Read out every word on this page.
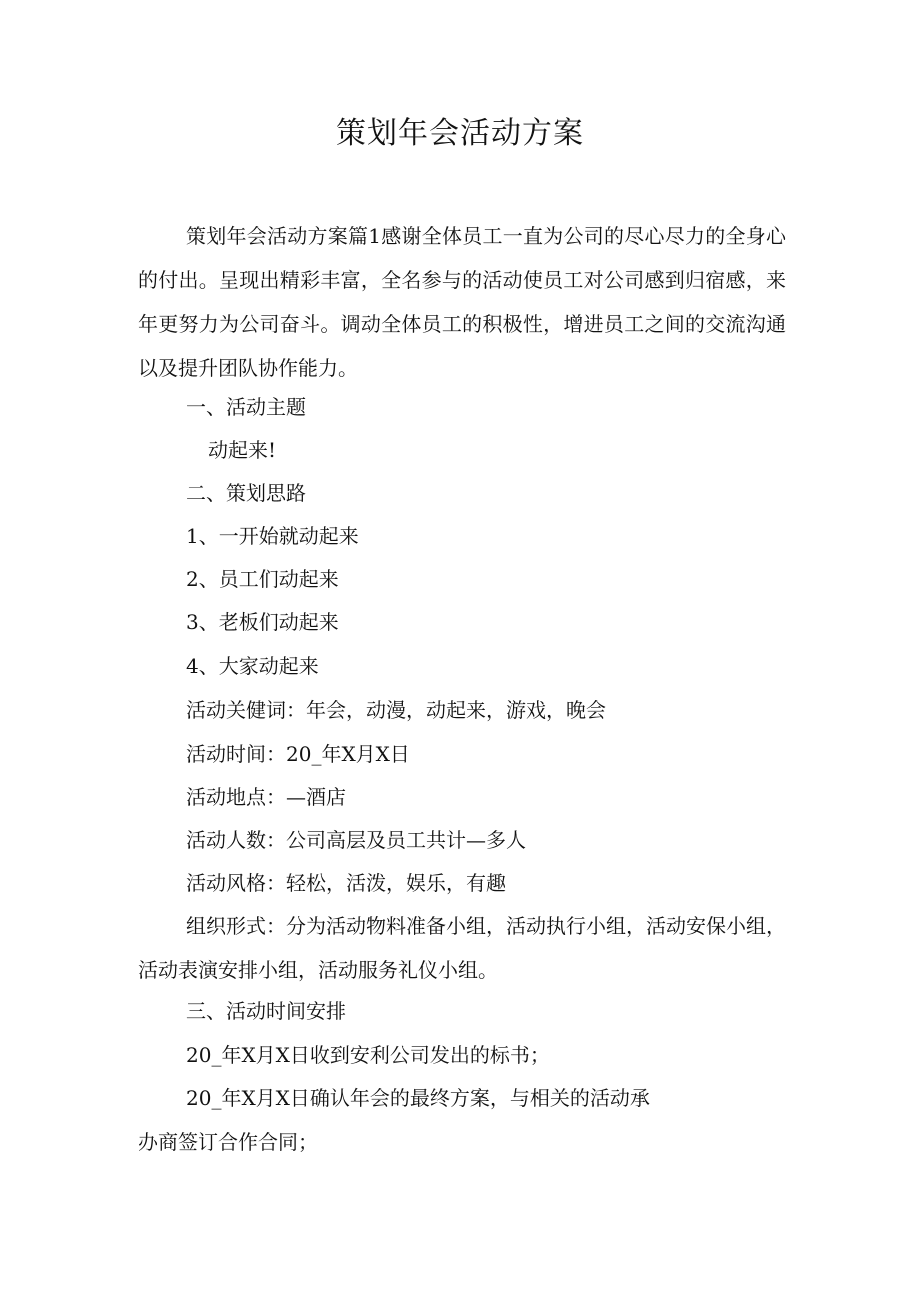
策划年会活动方案

策划年会活动方案篇1感谢全体员工一直为公司的尽心尽力的全身心的付出。呈现出精彩丰富，全名参与的活动使员工对公司感到归宿感，来年更努力为公司奋斗。调动全体员工的积极性，增进员工之间的交流沟通以及提升团队协作能力。

一、活动主题

动起来!

二、策划思路

1、一开始就动起来

2、员工们动起来

3、老板们动起来

4、大家动起来

活动关健词：年会，动漫，动起来，游戏，晚会

活动时间：20_年X月X日

活动地点：—酒店

活动人数：公司高层及员工共计—多人

活动风格：轻松，活泼，娱乐，有趣

组织形式：分为活动物料准备小组，活动执行小组，活动安保小组，活动表演安排小组，活动服务礼仪小组。

三、活动时间安排

20_年X月X日收到安利公司发出的标书；

20_年X月X日确认年会的最终方案，与相关的活动承

办商签订合作合同；
